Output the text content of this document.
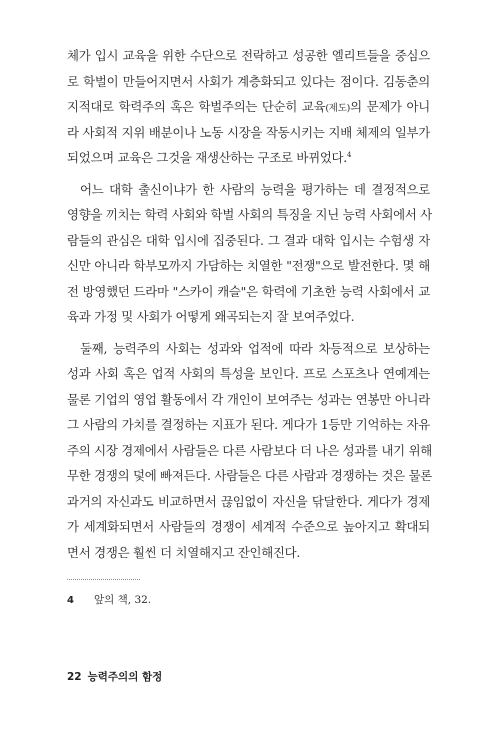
체가 입시 교육을 위한 수단으로 전락하고 성공한 엘리트들을 중심으
로 학벌이 만들어지면서 사회가 계층화되고 있다는 점이다. 김동춘의
지적대로 학력주의 혹은 학벌주의는 단순히 교육(제도)의 문제가 아니
라 사회적 지위 배분이나 노동 시장을 작동시키는 지배 체제의 일부가
되었으며 교육은 그것을 재생산하는 구조로 바뀌었다.$^4$
어느 대학 출신이냐가 한 사람의 능력을 평가하는 데 결정적으로
영향을 끼치는 학력 사회와 학벌 사회의 특징을 지닌 능력 사회에서 사
람들의 관심은 대학 입시에 집중된다. 그 결과 대학 입시는 수험생 자
신만 아니라 학부모까지 가담하는 치열한 "전쟁"으로 발전한다. 몇 해
전 방영했던 드라마 "스카이 캐슬"은 학력에 기초한 능력 사회에서 교
육과 가정 및 사회가 어떻게 왜곡되는지 잘 보여주었다.
둘째, 능력주의 사회는 성과와 업적에 따라 차등적으로 보상하는
성과 사회 혹은 업적 사회의 특성을 보인다. 프로 스포츠나 연예계는
물론 기업의 영업 활동에서 각 개인이 보여주는 성과는 연봉만 아니라
그 사람의 가치를 결정하는 지표가 된다. 게다가 1등만 기억하는 자유
주의 시장 경제에서 사람들은 다른 사람보다 더 나은 성과를 내기 위해
무한 경쟁의 덫에 빠져든다. 사람들은 다른 사람과 경쟁하는 것은 물론
과거의 자신과도 비교하면서 끊임없이 자신을 닦달한다. 게다가 경제
가 세계화되면서 사람들의 경쟁이 세계적 수준으로 높아지고 확대되
면서 경쟁은 훨씬 더 치열해지고 잔인해진다.
4 앞의 책, 32.
22 능력주의의 함정
